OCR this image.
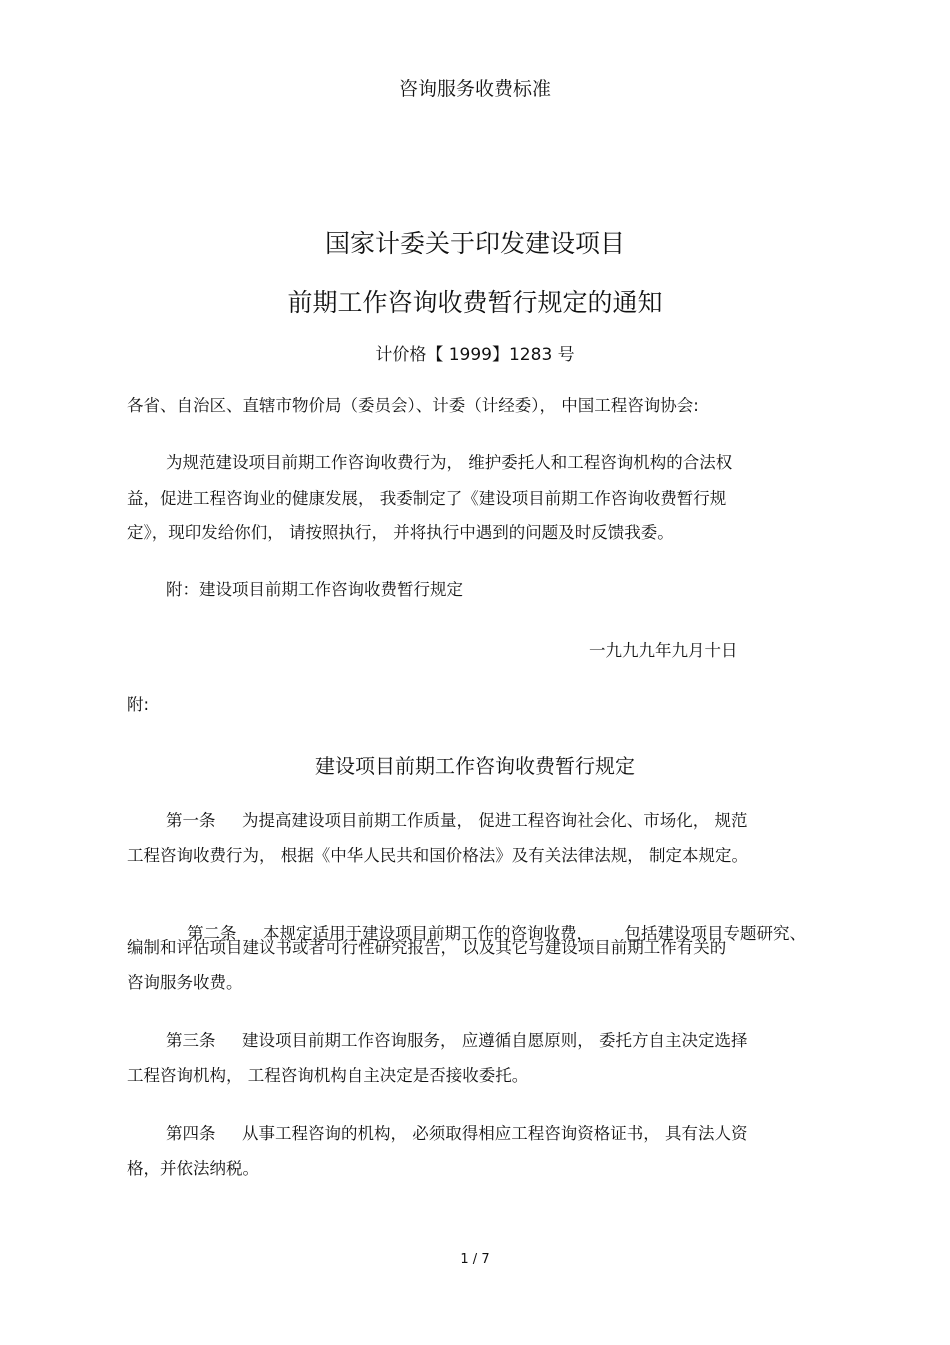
咨询服务收费标准
国家计委关于印发建设项目
前期工作咨询收费暂行规定的通知
计价格【 1999】1283 号
各省、自治区、直辖市物价局（委员会）、计委（计经委）， 中国工程咨询协会:
为规范建设项目前期工作咨询收费行为， 维护委托人和工程咨询机构的合法权
益，促进工程咨询业的健康发展， 我委制定了《建设项目前期工作咨询收费暂行规
定》，现印发给你们， 请按照执行， 并将执行中遇到的问题及时反馈我委。
附：建设项目前期工作咨询收费暂行规定
一九九九年九月十日
附:
建设项目前期工作咨询收费暂行规定
第一条 为提高建设项目前期工作质量， 促进工程咨询社会化、市场化， 规范
工程咨询收费行为， 根据《中华人民共和国价格法》及有关法律法规， 制定本规定。

第二条 本规定适用于建设项目前期工作的咨询收费，      包括建设项目专题研究、

编制和评估项目建议书或者可行性研究报告， 以及其它与建设项目前期工作有关的
咨询服务收费。
第三条 建设项目前期工作咨询服务， 应遵循自愿原则， 委托方自主决定选择
工程咨询机构， 工程咨询机构自主决定是否接收委托。
第四条 从事工程咨询的机构， 必须取得相应工程咨询资格证书， 具有法人资
格，并依法纳税。
1 / 7
